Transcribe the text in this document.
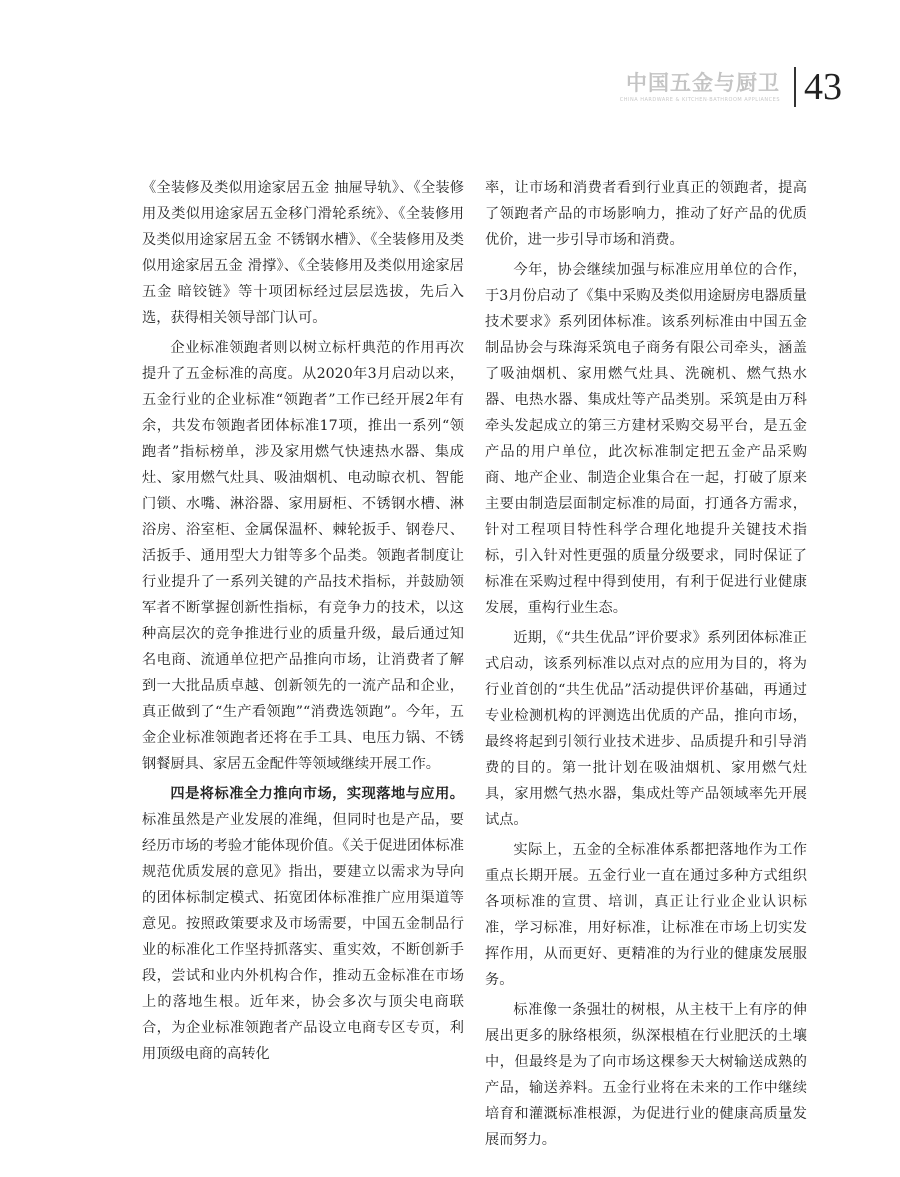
中国五金与厨卫
CHINA HARDWARE & KITCHEN·BATHROOM APPLIANCES 43

《全装修及类似用途家居五金 抽屉导轨》、《全装修用及类似用途家居五金移门滑轮系统》、《全装修用及类似用途家居五金 不锈钢水槽》、《全装修用及类似用途家居五金 滑撑》、《全装修用及类似用途家居五金 暗铰链》等十项团标经过层层选拔，先后入选，获得相关领导部门认可。

企业标准领跑者则以树立标杆典范的作用再次提升了五金标准的高度。从2020年3月启动以来，五金行业的企业标准“领跑者”工作已经开展2年有余，共发布领跑者团体标准17项，推出一系列“领跑者”指标榜单，涉及家用燃气快速热水器、集成灶、家用燃气灶具、吸油烟机、电动晾衣机、智能门锁、水嘴、淋浴器、家用厨柜、不锈钢水槽、淋浴房、浴室柜、金属保温杯、棘轮扳手、钢卷尺、活扳手、通用型大力钳等多个品类。领跑者制度让行业提升了一系列关键的产品技术指标，并鼓励领军者不断掌握创新性指标，有竞争力的技术，以这种高层次的竞争推进行业的质量升级，最后通过知名电商、流通单位把产品推向市场，让消费者了解到一大批品质卓越、创新领先的一流产品和企业，真正做到了“生产看领跑”“消费选领跑”。今年，五金企业标准领跑者还将在手工具、电压力锅、不锈钢餐厨具、家居五金配件等领域继续开展工作。

四是将标准全力推向市场，实现落地与应用。标准虽然是产业发展的准绳，但同时也是产品，要经历市场的考验才能体现价值。《关于促进团体标准规范优质发展的意见》指出，要建立以需求为导向的团体标制定模式、拓宽团体标准推广应用渠道等意见。按照政策要求及市场需要，中国五金制品行业的标准化工作坚持抓落实、重实效，不断创新手段，尝试和业内外机构合作，推动五金标准在市场上的落地生根。近年来，协会多次与顶尖电商联合，为企业标准领跑者产品设立电商专区专页，利用顶级电商的高转化

率，让市场和消费者看到行业真正的领跑者，提高了领跑者产品的市场影响力，推动了好产品的优质优价，进一步引导市场和消费。

今年，协会继续加强与标准应用单位的合作，于3月份启动了《集中采购及类似用途厨房电器质量技术要求》系列团体标准。该系列标准由中国五金制品协会与珠海采筑电子商务有限公司牵头，涵盖了吸油烟机、家用燃气灶具、洗碗机、燃气热水器、电热水器、集成灶等产品类别。采筑是由万科牵头发起成立的第三方建材采购交易平台，是五金产品的用户单位，此次标准制定把五金产品采购商、地产企业、制造企业集合在一起，打破了原来主要由制造层面制定标准的局面，打通各方需求，针对工程项目特性科学合理化地提升关键技术指标，引入针对性更强的质量分级要求，同时保证了标准在采购过程中得到使用，有利于促进行业健康发展，重构行业生态。

近期，《“共生优品”评价要求》系列团体标准正式启动，该系列标准以点对点的应用为目的，将为行业首创的“共生优品”活动提供评价基础，再通过专业检测机构的评测选出优质的产品，推向市场，最终将起到引领行业技术进步、品质提升和引导消费的目的。第一批计划在吸油烟机、家用燃气灶具，家用燃气热水器，集成灶等产品领域率先开展试点。

实际上，五金的全标准体系都把落地作为工作重点长期开展。五金行业一直在通过多种方式组织各项标准的宣贯、培训，真正让行业企业认识标准，学习标准，用好标准，让标准在市场上切实发挥作用，从而更好、更精准的为行业的健康发展服务。

标准像一条强壮的树根，从主枝干上有序的伸展出更多的脉络根须，纵深根植在行业肥沃的土壤中，但最终是为了向市场这棵参天大树输送成熟的产品，输送养料。五金行业将在未来的工作中继续培育和灌溉标准根源，为促进行业的健康高质量发展而努力。
